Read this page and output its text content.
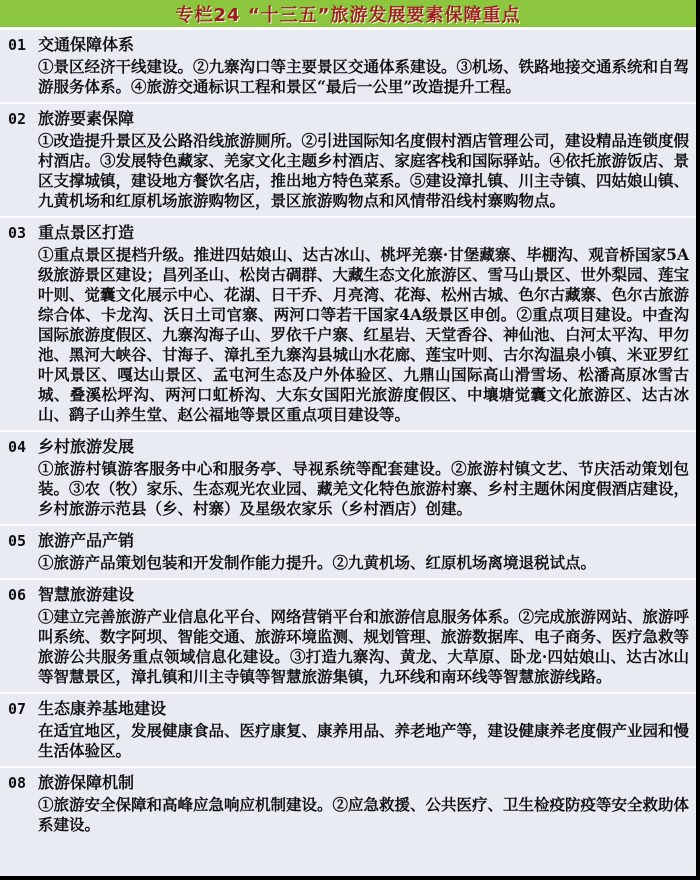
专栏24 “十三五”旅游发展要素保障重点
01 交通保障体系
①景区经济干线建设。②九寨沟口等主要景区交通体系建设。③机场、铁路地接交通系统和自驾游服务体系。④旅游交通标识工程和景区“最后一公里”改造提升工程。
02 旅游要素保障
①改造提升景区及公路沿线旅游厕所。②引进国际知名度假村酒店管理公司，建设精品连锁度假村酒店。③发展特色藏家、羌家文化主题乡村酒店、家庭客栈和国际驿站。④依托旅游饭店、景区支撑城镇，建设地方餐饮名店，推出地方特色菜系。⑤建设漳扎镇、川主寺镇、四姑娘山镇、九黄机场和红原机场旅游购物区，景区旅游购物点和风情带沿线村寨购物点。
03 重点景区打造
①重点景区提档升级。推进四姑娘山、达古冰山、桃坪羌寨·甘堡藏寨、毕棚沟、观音桥国家5A级旅游景区建设；昌列圣山、松岗古碉群、大藏生态文化旅游区、雪马山景区、世外梨园、莲宝叶则、觉囊文化展示中心、花湖、日干乔、月亮湾、花海、松州古城、色尔古藏寨、色尔古旅游综合体、卡龙沟、沃日土司官寨、两河口等若干国家4A级景区申创。②重点项目建设。中查沟国际旅游度假区、九寨沟海子山、罗依千户寨、红星岩、天堂香谷、神仙池、白河太平沟、甲勿池、黑河大峡谷、甘海子、漳扎至九寨沟县城山水花廊、莲宝叶则、古尔沟温泉小镇、米亚罗红叶风景区、嘎达山景区、孟屯河生态及户外体验区、九鼎山国际高山滑雪场、松潘高原冰雪古城、叠溪松坪沟、两河口虹桥沟、大东女国阳光旅游度假区、中壤塘觉囊文化旅游区、达古冰山、鹞子山养生堂、赵公福地等景区重点项目建设等。
04 乡村旅游发展
①旅游村镇游客服务中心和服务亭、导视系统等配套建设。②旅游村镇文艺、节庆活动策划包装。③农（牧）家乐、生态观光农业园、藏羌文化特色旅游村寨、乡村主题休闲度假酒店建设，乡村旅游示范县（乡、村寨）及星级农家乐（乡村酒店）创建。
05 旅游产品产销
①旅游产品策划包装和开发制作能力提升。②九黄机场、红原机场离境退税试点。
06 智慧旅游建设
①建立完善旅游产业信息化平台、网络营销平台和旅游信息服务体系。②完成旅游网站、旅游呼叫系统、数字阿坝、智能交通、旅游环境监测、规划管理、旅游数据库、电子商务、医疗急救等旅游公共服务重点领域信息化建设。③打造九寨沟、黄龙、大草原、卧龙·四姑娘山、达古冰山等智慧景区，漳扎镇和川主寺镇等智慧旅游集镇，九环线和南环线等智慧旅游线路。
07 生态康养基地建设
在适宜地区，发展健康食品、医疗康复、康养用品、养老地产等，建设健康养老度假产业园和慢生活体验区。
08 旅游保障机制
①旅游安全保障和高峰应急响应机制建设。②应急救援、公共医疗、卫生检疫防疫等安全救助体系建设。
